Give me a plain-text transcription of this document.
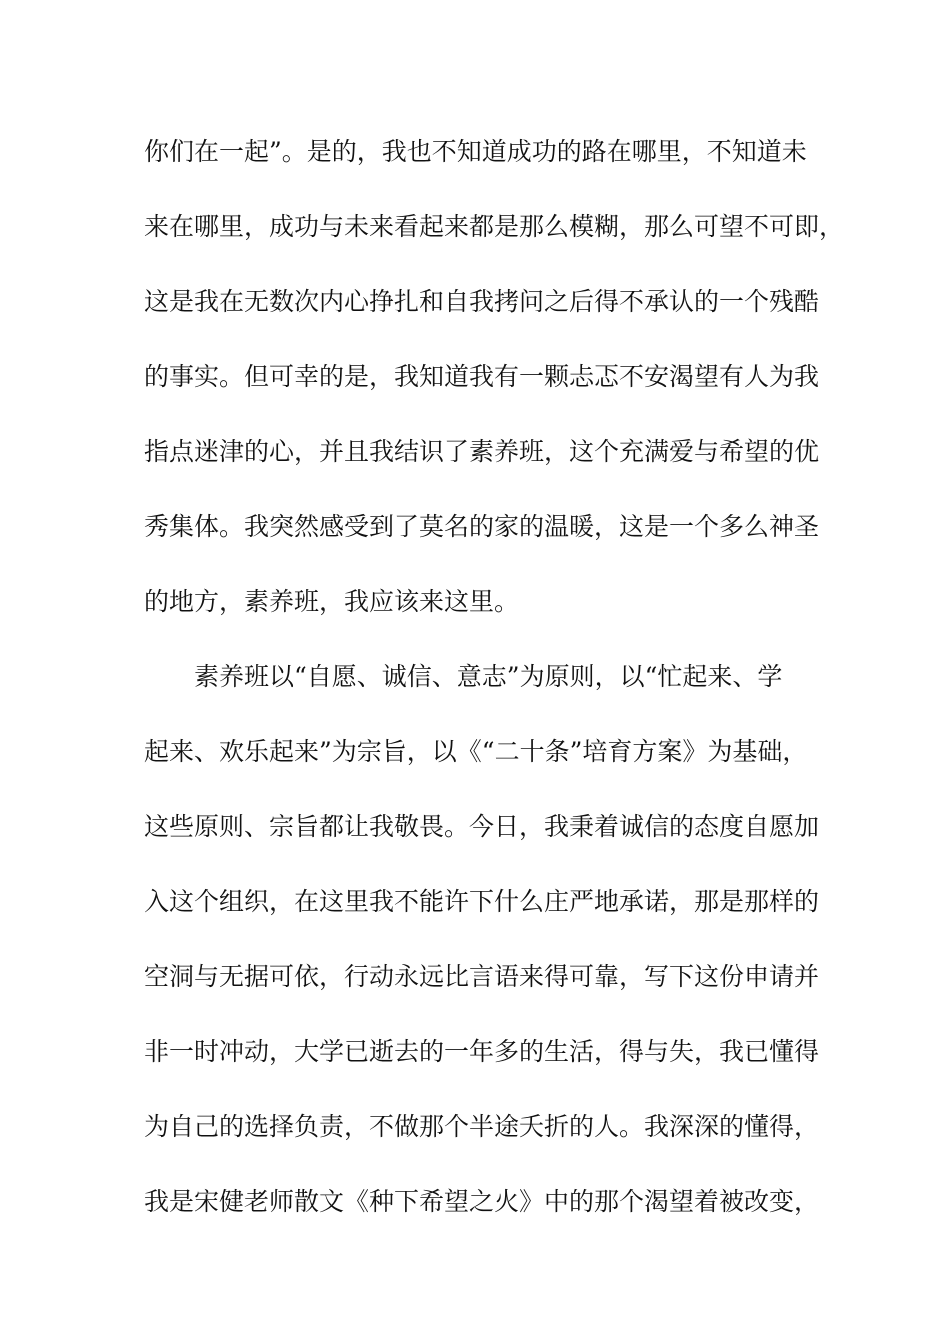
你们在一起”。是的，我也不知道成功的路在哪里，不知道未
来在哪里，成功与未来看起来都是那么模糊，那么可望不可即，
这是我在无数次内心挣扎和自我拷问之后得不承认的一个残酷
的事实。但可幸的是，我知道我有一颗忐忑不安渴望有人为我
指点迷津的心，并且我结识了素养班，这个充满爱与希望的优
秀集体。我突然感受到了莫名的家的温暖，这是一个多么神圣
的地方，素养班，我应该来这里。
素养班以“自愿、诚信、意志”为原则，以“忙起来、学
起来、欢乐起来”为宗旨，以《“二十条”培育方案》为基础，
这些原则、宗旨都让我敬畏。今日，我秉着诚信的态度自愿加
入这个组织，在这里我不能许下什么庄严地承诺，那是那样的
空洞与无据可依，行动永远比言语来得可靠，写下这份申请并
非一时冲动，大学已逝去的一年多的生活，得与失，我已懂得
为自己的选择负责，不做那个半途夭折的人。我深深的懂得，
我是宋健老师散文《种下希望之火》中的那个渴望着被改变，
